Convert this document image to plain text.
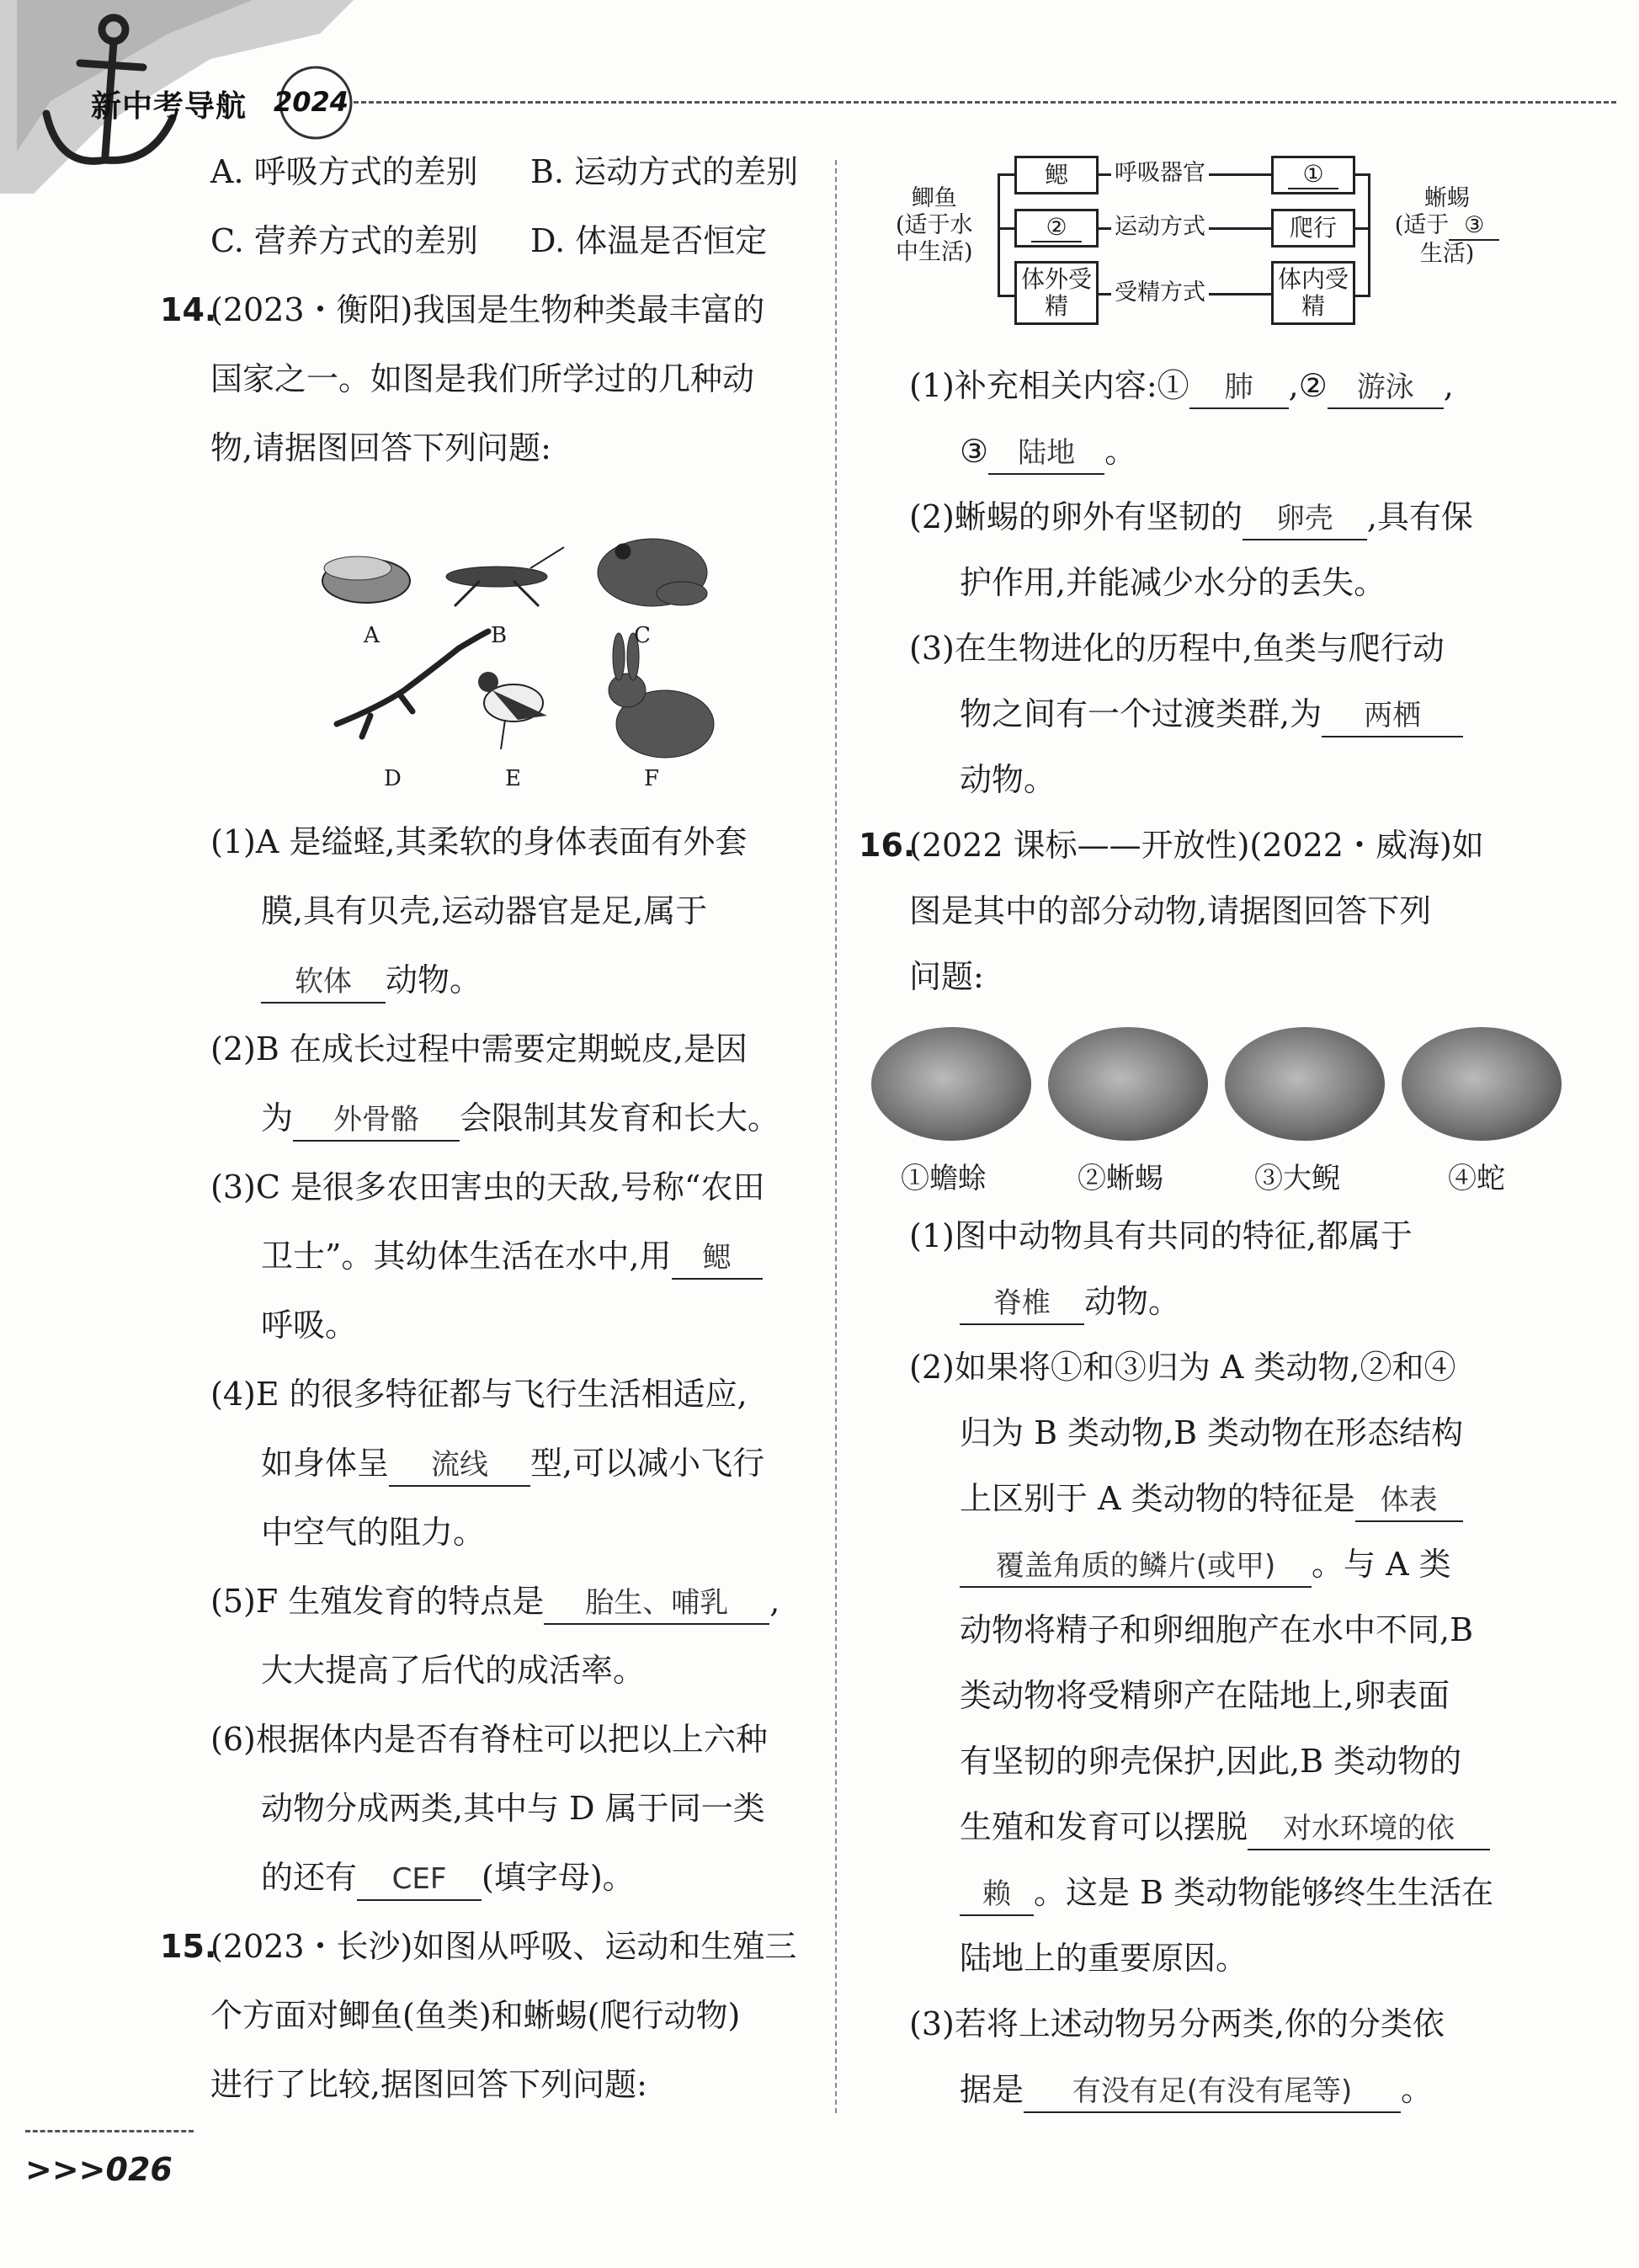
新中考导航 2024
A. 呼吸方式的差别 B. 运动方式的差别
C. 营养方式的差别 D. 体温是否恒定
14.
(2023・衡阳)我国是生物种类最丰富的
国家之一。如图是我们所学过的几种动
物,请据图回答下列问题:
A	B	C
D	E	F
(1)A 是缢蛏,其柔软的身体表面有外套
膜,具有贝壳,运动器官是足,属于
软体 动物。
(2)B 在成长过程中需要定期蜕皮,是因
为 外骨骼 会限制其发育和长大。
(3)C 是很多农田害虫的天敌,号称“农田
卫士”。其幼体生活在水中,用 鳃
呼吸。
(4)E 的很多特征都与飞行生活相适应,
如身体呈 流线 型,可以减小飞行
中空气的阻力。
(5)F 生殖发育的特点是 胎生、哺乳 ,
大大提高了后代的成活率。
(6)根据体内是否有脊柱可以把以上六种
动物分成两类,其中与 D 属于同一类
的还有 CEF (填字母)。
15.
(2023・长沙)如图从呼吸、运动和生殖三
个方面对鲫鱼(鱼类)和蜥蜴(爬行动物)
进行了比较,据图回答下列问题:
鲫鱼
(适于水
中生活)
蜥蜴
(适于 ③
生活)
鳃
②
体外受精
①
爬行
体内受精
呼吸器官
运动方式
受精方式
(1)补充相关内容:① 肺 ,② 游泳 ,
③ 陆地 。
(2)蜥蜴的卵外有坚韧的 卵壳 ,具有保
护作用,并能减少水分的丢失。
(3)在生物进化的历程中,鱼类与爬行动
物之间有一个过渡类群,为 两栖
动物。
16.
(2022 课标——开放性)(2022・威海)如
图是其中的部分动物,请据图回答下列
问题:
①蟾蜍	②蜥蜴	③大鲵	④蛇
(1)图中动物具有共同的特征,都属于
脊椎 动物。
(2)如果将①和③归为 A 类动物,②和④
归为 B 类动物,B 类动物在形态结构
上区别于 A 类动物的特征是 体表
覆盖角质的鳞片(或甲) 。与 A 类
动物将精子和卵细胞产在水中不同,B
类动物将受精卵产在陆地上,卵表面
有坚韧的卵壳保护,因此,B 类动物的
生殖和发育可以摆脱 对水环境的依
赖 。这是 B 类动物能够终生生活在
陆地上的重要原因。
(3)若将上述动物另分两类,你的分类依
据是 有没有足(有没有尾等) 。
>>>026
